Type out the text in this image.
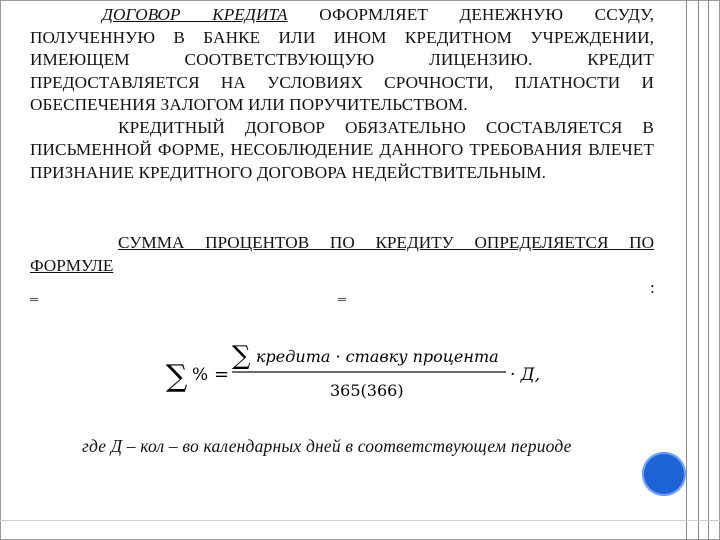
ДОГОВОР КРЕДИТА ОФОРМЛЯЕТ ДЕНЕЖНУЮ ССУДУ, ПОЛУЧЕННУЮ В БАНКЕ ИЛИ ИНОМ КРЕДИТНОМ УЧРЕЖДЕНИИ, ИМЕЮЩЕМ СООТВЕТСТВУЮЩУЮ ЛИЦЕНЗИЮ. КРЕДИТ ПРЕДОСТАВЛЯЕТСЯ НА УСЛОВИЯХ СРОЧНОСТИ, ПЛАТНОСТИ И ОБЕСПЕЧЕНИЯ ЗАЛОГОМ ИЛИ ПОРУЧИТЕЛЬСТВОМ.
КРЕДИТНЫЙ ДОГОВОР ОБЯЗАТЕЛЬНО СОСТАВЛЯЕТСЯ В ПИСЬМЕННОЙ ФОРМЕ, НЕСОБЛЮДЕНИЕ ДАННОГО ТРЕБОВАНИЯ ВЛЕЧЕТ ПРИЗНАНИЕ КРЕДИТНОГО ДОГОВОРА НЕДЕЙСТВИТЕЛЬНЫМ.
СУММА ПРОЦЕНТОВ ПО КРЕДИТУ ОПРЕДЕЛЯЕТСЯ ПО ФОРМУЛЕ
‗	‗	:
∑ % =
∑ кредита · ставку процента
365(366)
· Д,
где Д – кол – во календарных дней в соответствующем периоде
